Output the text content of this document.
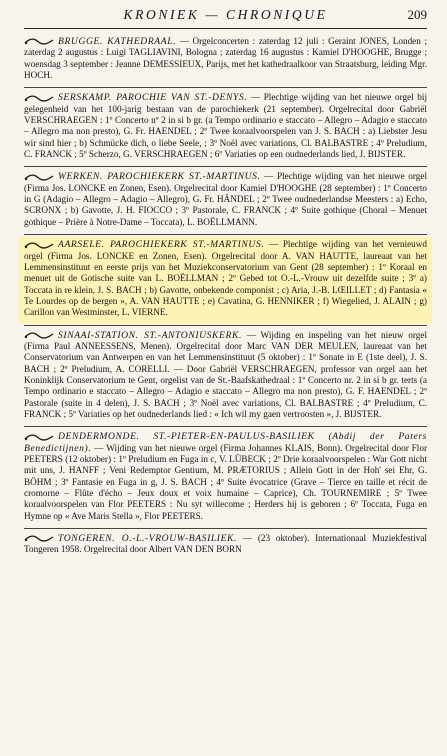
KRONIEK — CHRONIQUE	209
BRUGGE. KATHEDRAAL. — Orgelconcerten : zaterdag 12 juli : Geraint JONES, Londen ; zaterdag 2 augustus : Luigi TAGLIAVINI, Bologna ; zaterdag 16 augustus : Kamiel D'HOOGHE, Brugge ; woensdag 3 september : Jeanne DEMESSIEUX, Parijs, met het kathedraalkoor van Straatsburg, leiding Mgr. HOCH.
SERSKAMP. PAROCHIE VAN ST.-DENYS. — Plechtige wijding van het nieuwe orgel bij gelegenheid van het 100-jarig bestaan van de parochiekerk (21 september). Orgelrecital door Gabriël VERSCHRAEGEN : 1º Concerto nº 2 in si b gr. (a Tempo ordinario e staccato – Allegro – Adagio e staccato – Allegro ma non presto), G. Fr. HAENDEL ; 2º Twee koraalvoorspelen van J. S. BACH : a) Liebster Jesu wir sind hier ; b) Schmücke dich, o liebe Seele, ; 3º Noël avec variations, Cl. BALBASTRE ; 4º Preludium, C. FRANCK ; 5º Scherzo, G. VERSCHRAEGEN ; 6º Variaties op een oudnederlands lied, J. BIJSTER.
WERKEN. PAROCHIEKERK ST.-MARTINUS. — Plechtige wijding van het nieuwe orgel (Firma Jos. LONCKE en Zonen, Esen). Orgelrecital door Kamiel D'HOOGHE (28 september) : 1º Concerto in G (Adagio – Allegro – Adagio – Allegro), G. Fr. HÄNDEL ; 2º Twee oudnederlandse Meesters : a) Echo, SCRONX ; b) Gavotte, J. H. FIOCCO ; 3º Pastorale, C. FRANCK ; 4º Suite gothique (Choral – Menuet gothique – Prière à Notre-Dame – Toccata), L. BOËLLMANN.
AARSELE. PAROCHIEKERK ST.-MARTINUS. — Plechtige wijding van het vernieuwd orgel (Firma Jos. LONCKE en Zonen, Esen). Orgelrecital door A. VAN HAUTTE, laureaat van het Lemmensinstituut en eerste prijs van het Muziekconservatorium van Gent (28 september) : 1º Koraal en menuet uit de Gotische suite van L. BOËLLMAN ; 2º Gebed tot O.-L.-Vrouw uit dezelfde suite ; 3º a) Toccata in re klein, J. S. BACH ; b) Gavotte, onbekende componist ; c) Aria, J.-B. LŒILLET ; d) Fantasia « Te Lourdes op de bergen », A. VAN HAUTTE ; e) Cavatina, G. HENNIKER ; f) Wiegelied, J. ALAIN ; g) Carillon van Westminster, L. VIERNE.
SINAAI-STATION. ST.-ANTONIUSKERK. — Wijding en inspeling van het nieuw orgel (Firma Paul ANNEESSENS, Menen). Orgelrecital door Marc VAN DER MEULEN, laureaat van het Conservatorium van Antwerpen en van het Lemmensinstituut (5 oktober) : 1º Sonate in E (1ste deel), J. S. BACH ; 2º Preludium, A. CORELLI. — Door Gabriël VERSCHRAEGEN, professor van orgel aan het Koninklijk Conservatorium te Gent, orgelist van de St.-Baafskathedraal : 1º Concerto nr. 2 in si b gr. terts (a Tempo ordinario e staccato – Allegro – Adagio e staccato – Allegro ma non presto), G. F. HAENDEL ; 2º Pastorale (suite in 4 delen), J. S. BACH ; 3º Noël avec variations, Cl. BALBASTRE ; 4º Preludium, C. FRANCK ; 5º Variaties op het oudnederlands lied : « Ich wil my gaen vertroosten », J. BIJSTER.
DENDERMONDE. ST.-PIETER-EN-PAULUS-BASILIEK (Abdij der Paters Benedictijnen). — Wijding van het nieuwe orgel (Firma Johannes KLAIS, Bonn). Orgelrecital door Flor PEETERS (12 oktober) : 1º Preludium en Fuga in c, V. LÜBECK ; 2º Drie koraalvoorspelen : War Gott nicht mit uns, J. HANFF ; Veni Redemptor Gentium, M. PRÆTORIUS ; Allein Gott in der Hoh' sei Ehr, G. BÖHM ; 3º Fantasie en Fuga in g, J. S. BACH ; 4º Suite évocatrice (Grave – Tierce en taille et récit de cromorne – Flûte d'écho – Jeux doux et voix humaine – Caprice), Ch. TOURNEMIRE ; 5º Twee koraalvoorspelen van Flor PEETERS : Nu syt willecome ; Herders hij is geboren ; 6º Toccata, Fuga en Hymne op « Ave Maris Stella », Flor PEETERS.
TONGEREN. O.-L.-VROUW-BASILIEK. — (23 oktober). Internationaal Muziekfestival Tongeren 1958. Orgelrecital door Albert VAN DEN BORN
